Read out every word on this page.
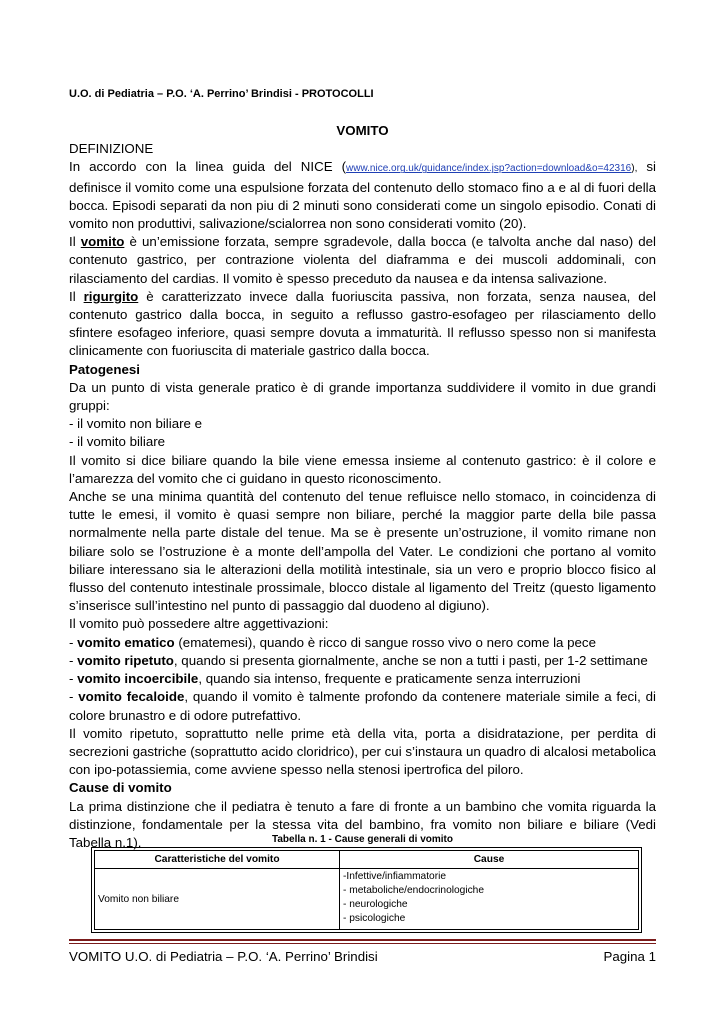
U.O. di Pediatria – P.O. ‘A. Perrino’ Brindisi - PROTOCOLLI

VOMITO

DEFINIZIONE

In accordo con la linea guida del NICE (www.nice.org.uk/guidance/index.jsp?action=download&o=42316), si definisce il vomito come una espulsione forzata del contenuto dello stomaco fino a e al di fuori della bocca. Episodi separati da non piu di 2 minuti sono considerati come un singolo episodio. Conati di vomito non produttivi, salivazione/scialorrea non sono considerati vomito (20).

Il vomito è un’emissione forzata, sempre sgradevole, dalla bocca (e talvolta anche dal naso) del contenuto gastrico, per contrazione violenta del diaframma e dei muscoli addominali, con rilasciamento del cardias. Il vomito è spesso preceduto da nausea e da intensa salivazione.

Il rigurgito è caratterizzato invece dalla fuoriuscita passiva, non forzata, senza nausea, del contenuto gastrico dalla bocca, in seguito a reflusso gastro-esofageo per rilasciamento dello sfintere esofageo inferiore, quasi sempre dovuta a immaturità. Il reflusso spesso non si manifesta clinicamente con fuoriuscita di materiale gastrico dalla bocca.

Patogenesi

Da un punto di vista generale pratico è di grande importanza suddividere il vomito in due grandi gruppi:

- il vomito non biliare e

- il vomito biliare

Il vomito si dice biliare quando la bile viene emessa insieme al contenuto gastrico: è il colore e l’amarezza del vomito che ci guidano in questo riconoscimento.

Anche se una minima quantità del contenuto del tenue refluisce nello stomaco, in coincidenza di tutte le emesi, il vomito è quasi sempre non biliare, perché la maggior parte della bile passa normalmente nella parte distale del tenue. Ma se è presente un’ostruzione, il vomito rimane non biliare solo se l’ostruzione è a monte dell’ampolla del Vater. Le condizioni che portano al vomito biliare interessano sia le alterazioni della motilità intestinale, sia un vero e proprio blocco fisico al flusso del contenuto intestinale prossimale, blocco distale al ligamento del Treitz (questo ligamento s’inserisce sull’intestino nel punto di passaggio dal duodeno al digiuno).

Il vomito può possedere altre aggettivazioni:

- vomito ematico (ematemesi), quando è ricco di sangue rosso vivo o nero come la pece

- vomito ripetuto, quando si presenta giornalmente, anche se non a tutti i pasti, per 1-2 settimane

- vomito incoercibile, quando sia intenso, frequente e praticamente senza interruzioni

- vomito fecaloide, quando il vomito è talmente profondo da contenere materiale simile a feci, di colore brunastro e di odore putrefattivo.

Il vomito ripetuto, soprattutto nelle prime età della vita, porta a disidratazione, per perdita di secrezioni gastriche (soprattutto acido cloridrico), per cui s’instaura un quadro di alcalosi metabolica con ipo-potassiemia, come avviene spesso nella stenosi ipertrofica del piloro.

Cause di vomito

La prima distinzione che il pediatra è tenuto a fare di fronte a un bambino che vomita riguarda la distinzione, fondamentale per la stessa vita del bambino, fra vomito non biliare e biliare (Vedi Tabella n.1).	Tabella n. 1 - Cause generali di vomito
Caratteristiche del vomito	Cause
Vomito non biliare	-Infettive/infiammatorie
- metaboliche/endocrinologiche
- neurologiche
- psicologiche
VOMITO U.O. di Pediatria – P.O. ‘A. Perrino’ Brindisi	Pagina 1
